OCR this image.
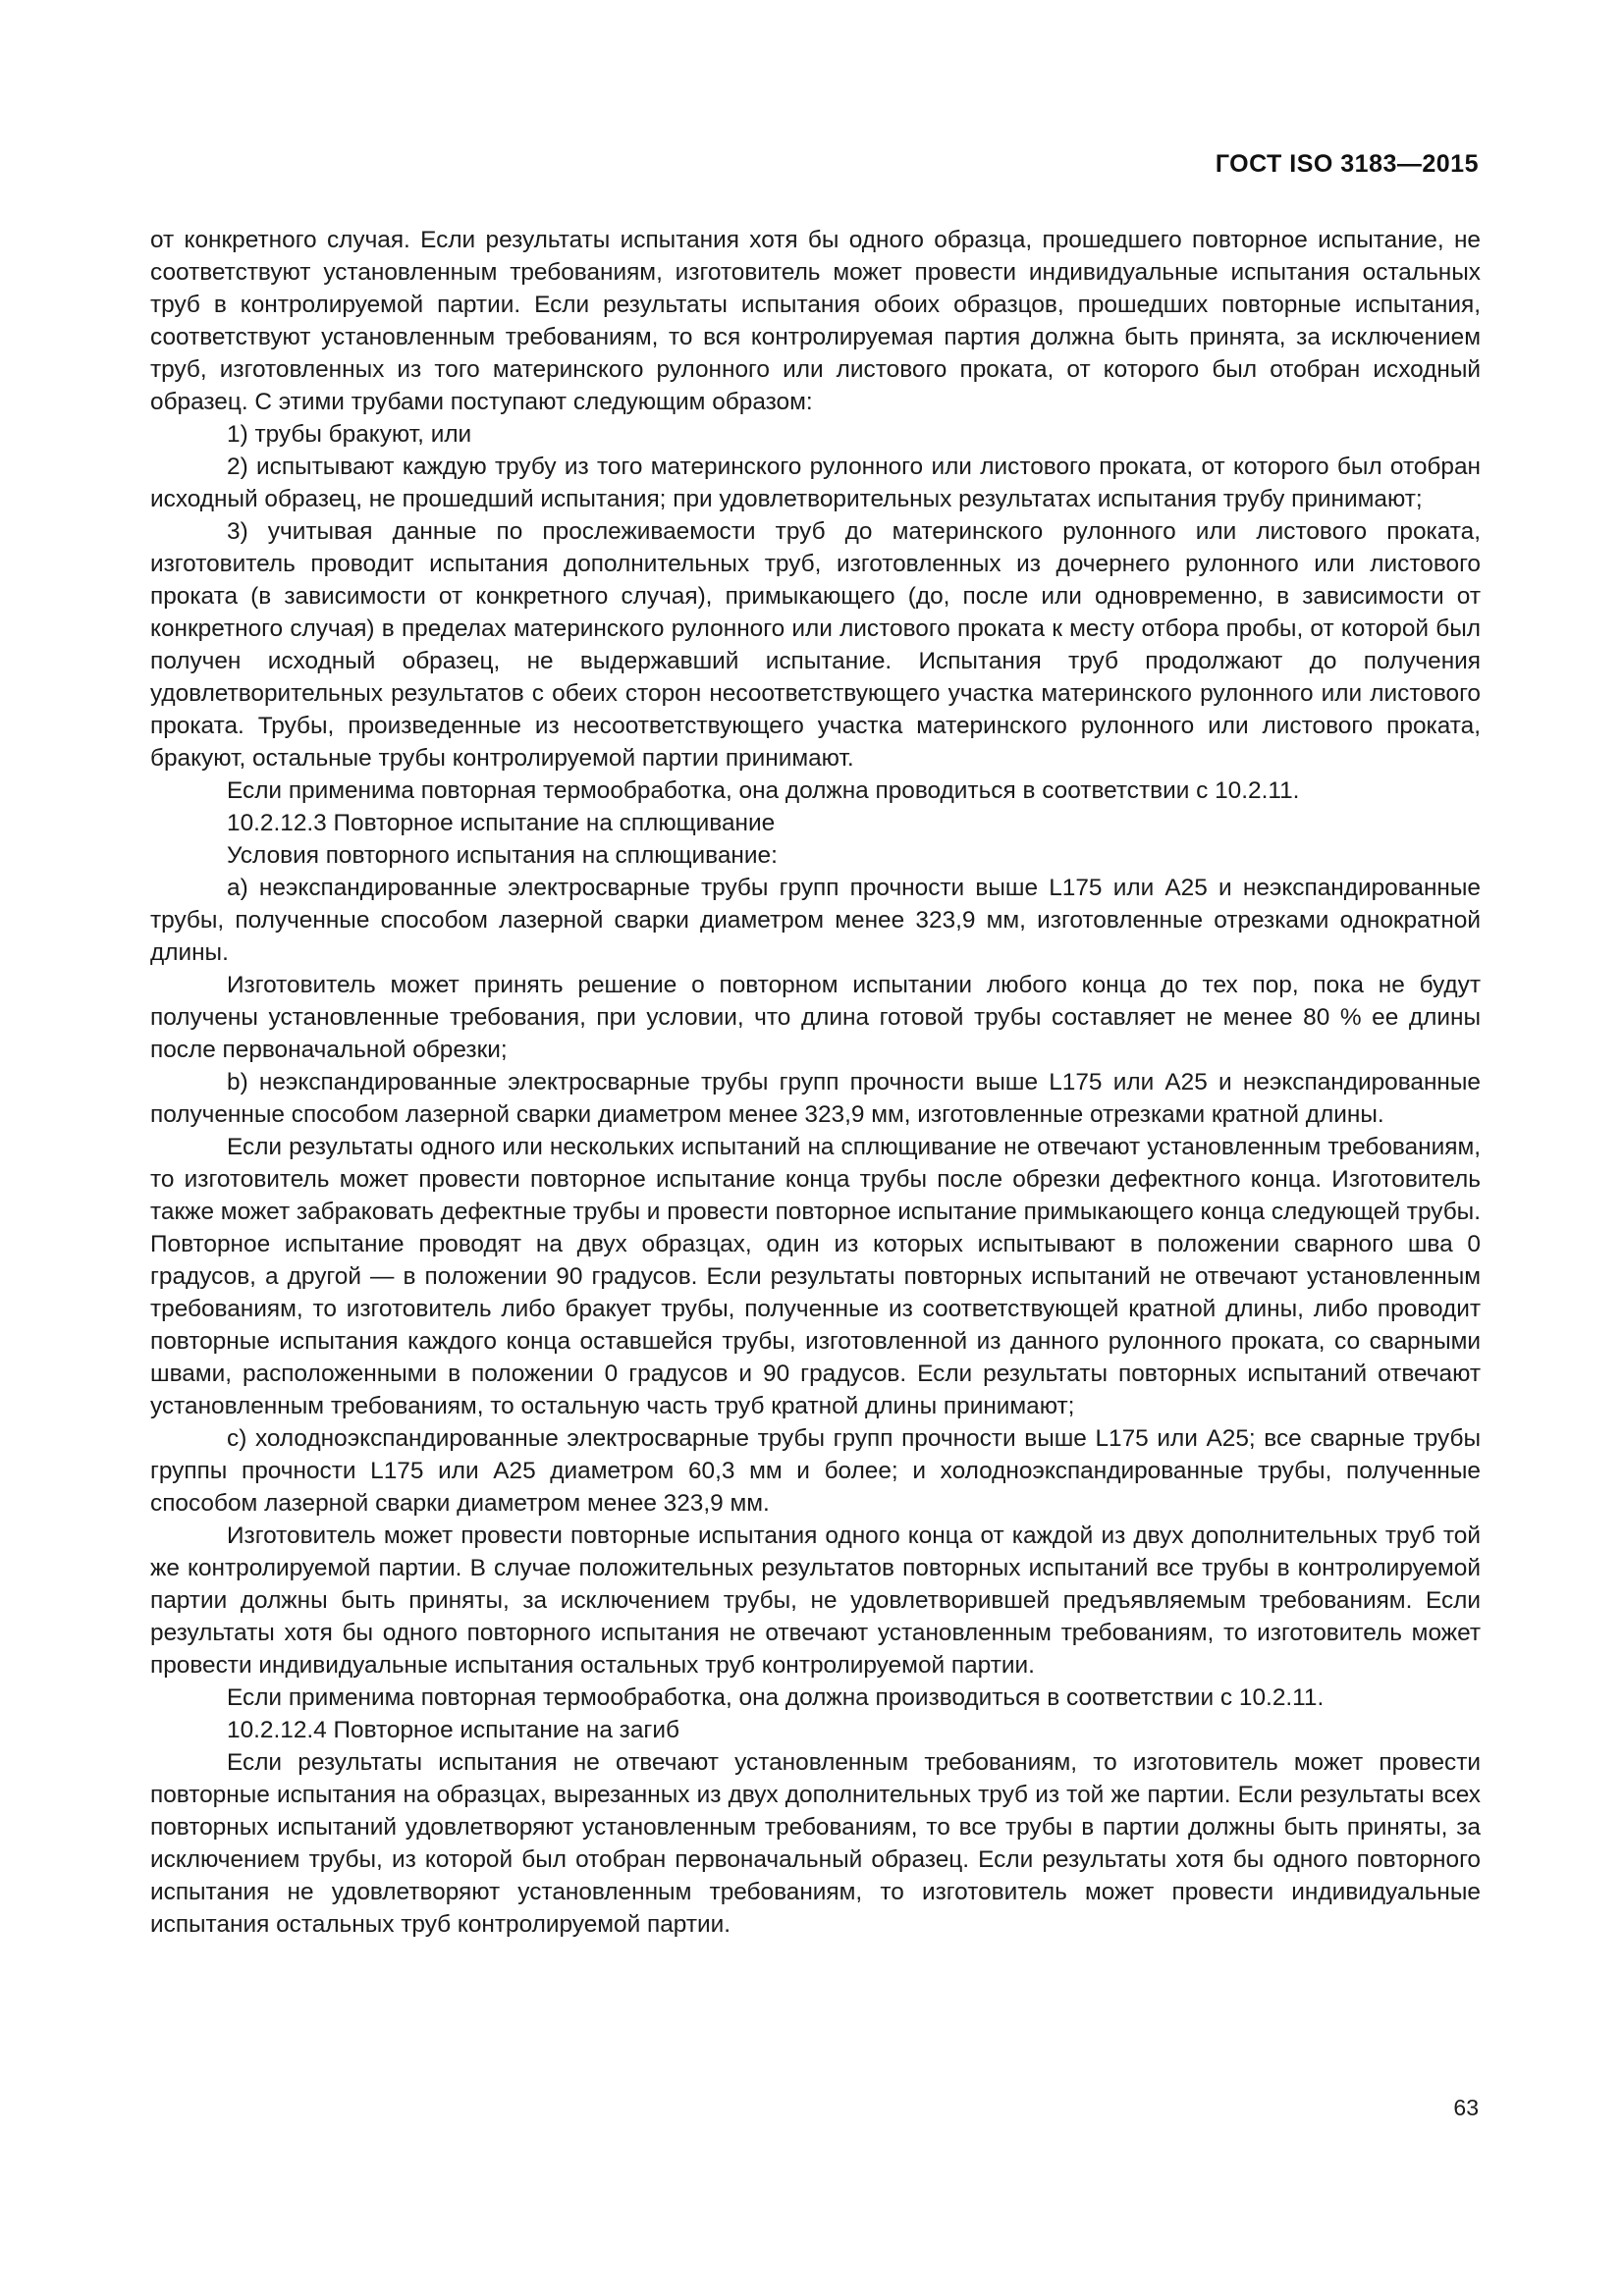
ГОСТ ISO 3183—2015

от конкретного случая. Если результаты испытания хотя бы одного образца, прошедшего повторное испытание, не соответствуют установленным требованиям, изготовитель может провести индивидуальные испытания остальных труб в контролируемой партии. Если результаты испытания обоих образцов, прошедших повторные испытания, соответствуют установленным требованиям, то вся контролируемая партия должна быть принята, за исключением труб, изготовленных из того материнского рулонного или листового проката, от которого был отобран исходный образец. С этими трубами поступают следующим образом:

1) трубы бракуют, или

2) испытывают каждую трубу из того материнского рулонного или листового проката, от которого был отобран исходный образец, не прошедший испытания; при удовлетворительных результатах испытания трубу принимают;

3) учитывая данные по прослеживаемости труб до материнского рулонного или листового проката, изготовитель проводит испытания дополнительных труб, изготовленных из дочернего рулонного или листового проката (в зависимости от конкретного случая), примыкающего (до, после или одновременно, в зависимости от конкретного случая) в пределах материнского рулонного или листового проката к месту отбора пробы, от которой был получен исходный образец, не выдержавший испытание. Испытания труб продолжают до получения удовлетворительных результатов с обеих сторон несоответствующего участка материнского рулонного или листового проката. Трубы, произведенные из несоответствующего участка материнского рулонного или листового проката, бракуют, остальные трубы контролируемой партии принимают.

Если применима повторная термообработка, она должна проводиться в соответствии с 10.2.11.

10.2.12.3 Повторное испытание на сплющивание

Условия повторного испытания на сплющивание:

a) неэкспандированные электросварные трубы групп прочности выше L175 или A25 и неэкспандированные трубы, полученные способом лазерной сварки диаметром менее 323,9 мм, изготовленные отрезками однократной длины.

Изготовитель может принять решение о повторном испытании любого конца до тех пор, пока не будут получены установленные требования, при условии, что длина готовой трубы составляет не менее 80 % ее длины после первоначальной обрезки;

b) неэкспандированные электросварные трубы групп прочности выше L175 или A25 и неэкспандированные полученные способом лазерной сварки диаметром менее 323,9 мм, изготовленные отрезками кратной длины.

Если результаты одного или нескольких испытаний на сплющивание не отвечают установленным требованиям, то изготовитель может провести повторное испытание конца трубы после обрезки дефектного конца. Изготовитель также может забраковать дефектные трубы и провести повторное испытание примыкающего конца следующей трубы. Повторное испытание проводят на двух образцах, один из которых испытывают в положении сварного шва 0 градусов, а другой — в положении 90 градусов. Если результаты повторных испытаний не отвечают установленным требованиям, то изготовитель либо бракует трубы, полученные из соответствующей кратной длины, либо проводит повторные испытания каждого конца оставшейся трубы, изготовленной из данного рулонного проката, со сварными швами, расположенными в положении 0 градусов и 90 градусов. Если результаты повторных испытаний отвечают установленным требованиям, то остальную часть труб кратной длины принимают;

c) холодноэкспандированные электросварные трубы групп прочности выше L175 или A25; все сварные трубы группы прочности L175 или A25 диаметром 60,3 мм и более; и холодноэкспандированные трубы, полученные способом лазерной сварки диаметром менее 323,9 мм.

Изготовитель может провести повторные испытания одного конца от каждой из двух дополнительных труб той же контролируемой партии. В случае положительных результатов повторных испытаний все трубы в контролируемой партии должны быть приняты, за исключением трубы, не удовлетворившей предъявляемым требованиям. Если результаты хотя бы одного повторного испытания не отвечают установленным требованиям, то изготовитель может провести индивидуальные испытания остальных труб контролируемой партии.

Если применима повторная термообработка, она должна производиться в соответствии с 10.2.11.

10.2.12.4 Повторное испытание на загиб

Если результаты испытания не отвечают установленным требованиям, то изготовитель может провести повторные испытания на образцах, вырезанных из двух дополнительных труб из той же партии. Если результаты всех повторных испытаний удовлетворяют установленным требованиям, то все трубы в партии должны быть приняты, за исключением трубы, из которой был отобран первоначальный образец. Если результаты хотя бы одного повторного испытания не удовлетворяют установленным требованиям, то изготовитель может провести индивидуальные испытания остальных труб контролируемой партии.

63
